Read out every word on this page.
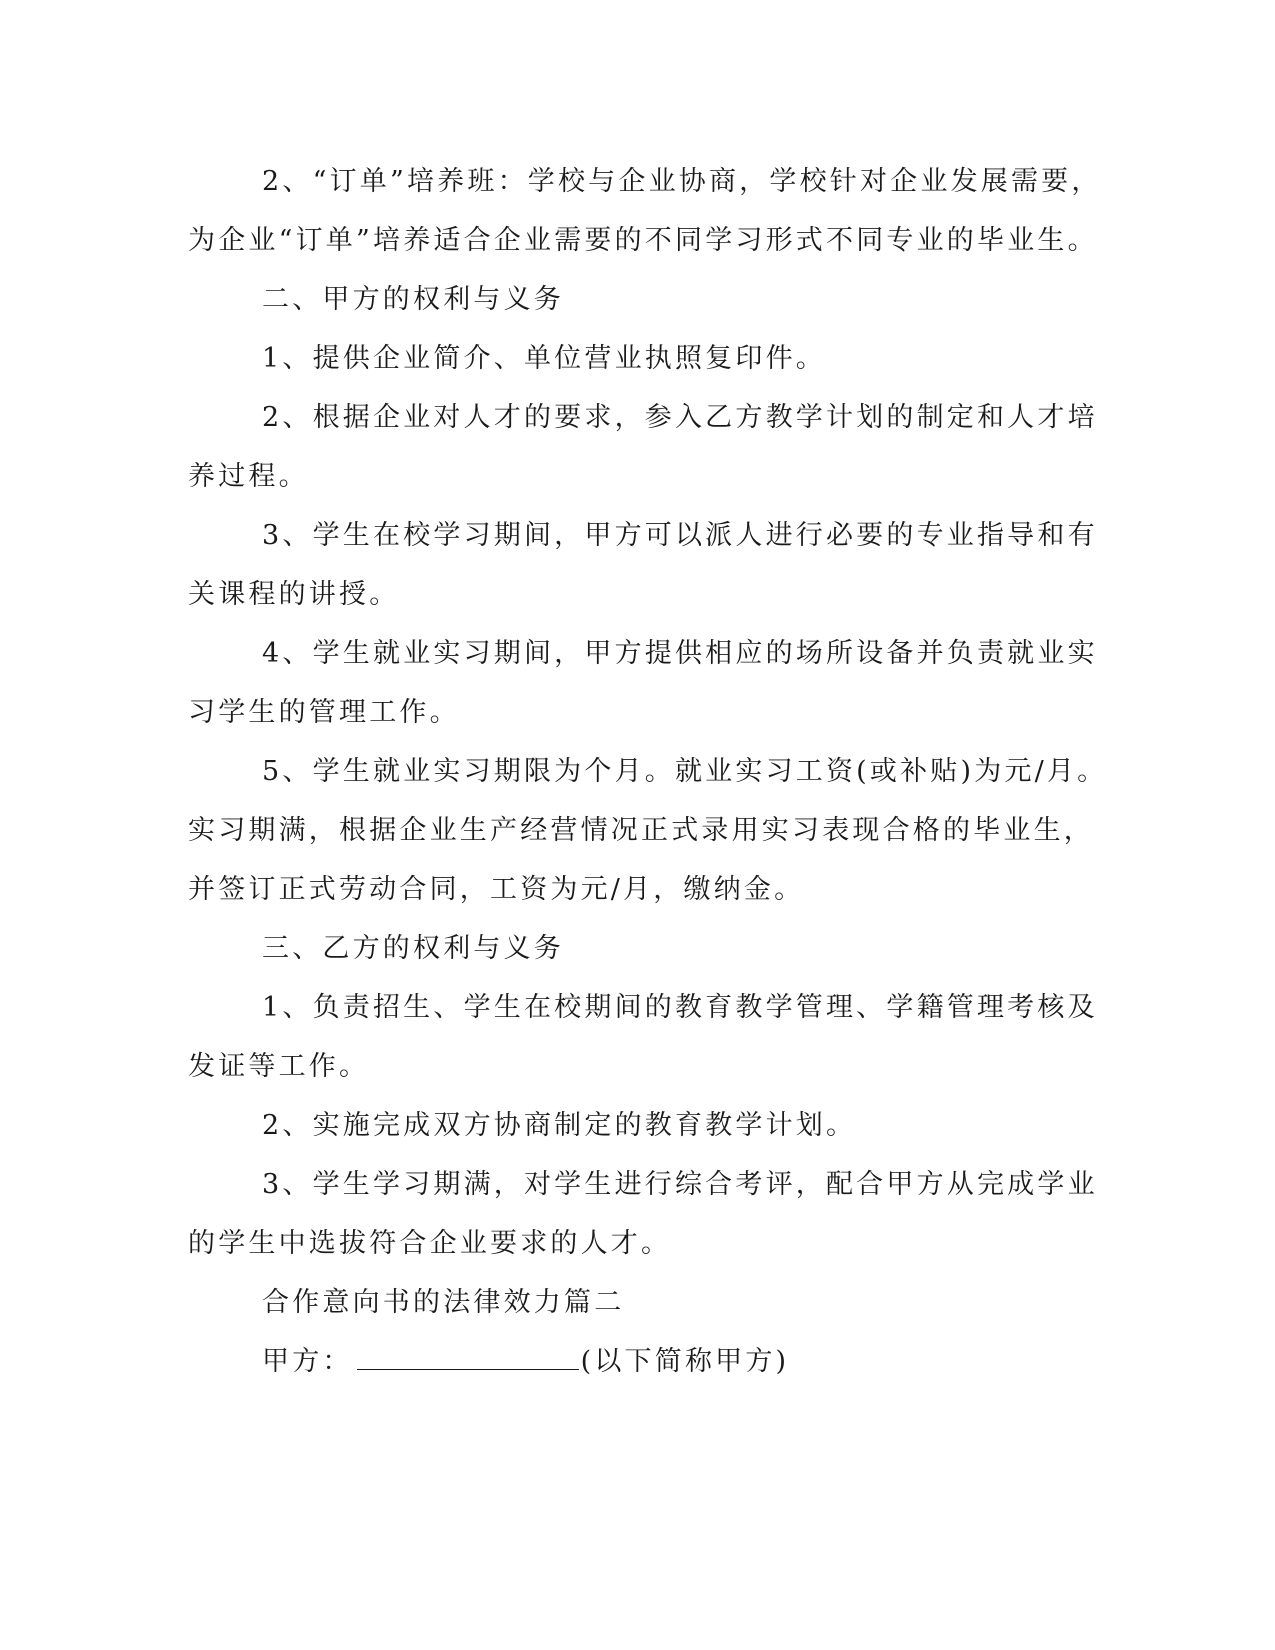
2、“订单”培养班：学校与企业协商，学校针对企业发展需要，
为企业“订单”培养适合企业需要的不同学习形式不同专业的毕业生。
二、甲方的权利与义务
1、提供企业简介、单位营业执照复印件。
2、根据企业对人才的要求，参入乙方教学计划的制定和人才培
养过程。
3、学生在校学习期间，甲方可以派人进行必要的专业指导和有
关课程的讲授。
4、学生就业实习期间，甲方提供相应的场所设备并负责就业实
习学生的管理工作。
5、学生就业实习期限为个月。就业实习工资(或补贴)为元/月。
实习期满，根据企业生产经营情况正式录用实习表现合格的毕业生，
并签订正式劳动合同，工资为元/月，缴纳金。
三、乙方的权利与义务
1、负责招生、学生在校期间的教育教学管理、学籍管理考核及
发证等工作。
2、实施完成双方协商制定的教育教学计划。
3、学生学习期满，对学生进行综合考评，配合甲方从完成学业
的学生中选拔符合企业要求的人才。
合作意向书的法律效力篇二
甲方：	(以下简称甲方)
